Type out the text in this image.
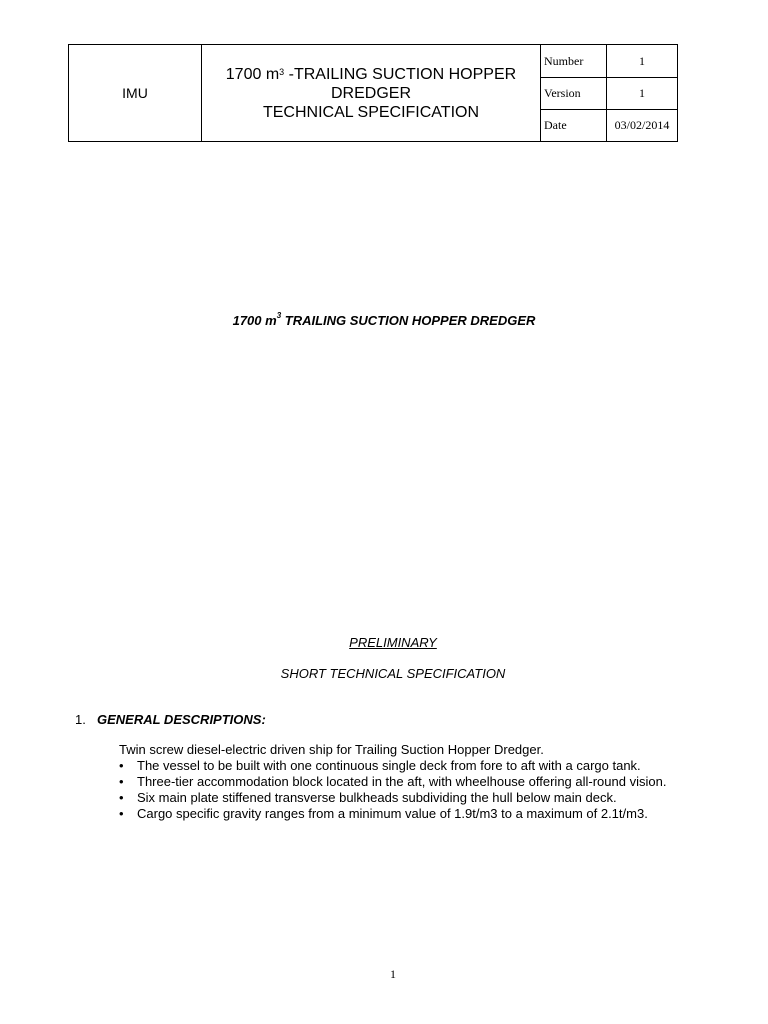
IMU	1700 $m^3$ -TRAILING SUCTION HOPPER
DREDGER
TECHNICAL SPECIFICATION	Number	1
		Version	1
		Date	03/02/2014
1700 $m^3$ TRAILING SUCTION HOPPER DREDGER
PRELIMINARY
SHORT TECHNICAL SPECIFICATION
1. GENERAL DESCRIPTIONS:
Twin screw diesel-electric driven ship for Trailing Suction Hopper Dredger.
•	The vessel to be built with one continuous single deck from fore to aft with a cargo tank.
•	Three-tier accommodation block located in the aft, with wheelhouse offering all-round vision.
•	Six main plate stiffened transverse bulkheads subdividing the hull below main deck.
•	Cargo specific gravity ranges from a minimum value of 1.9t/m3 to a maximum of 2.1t/m3.
1
